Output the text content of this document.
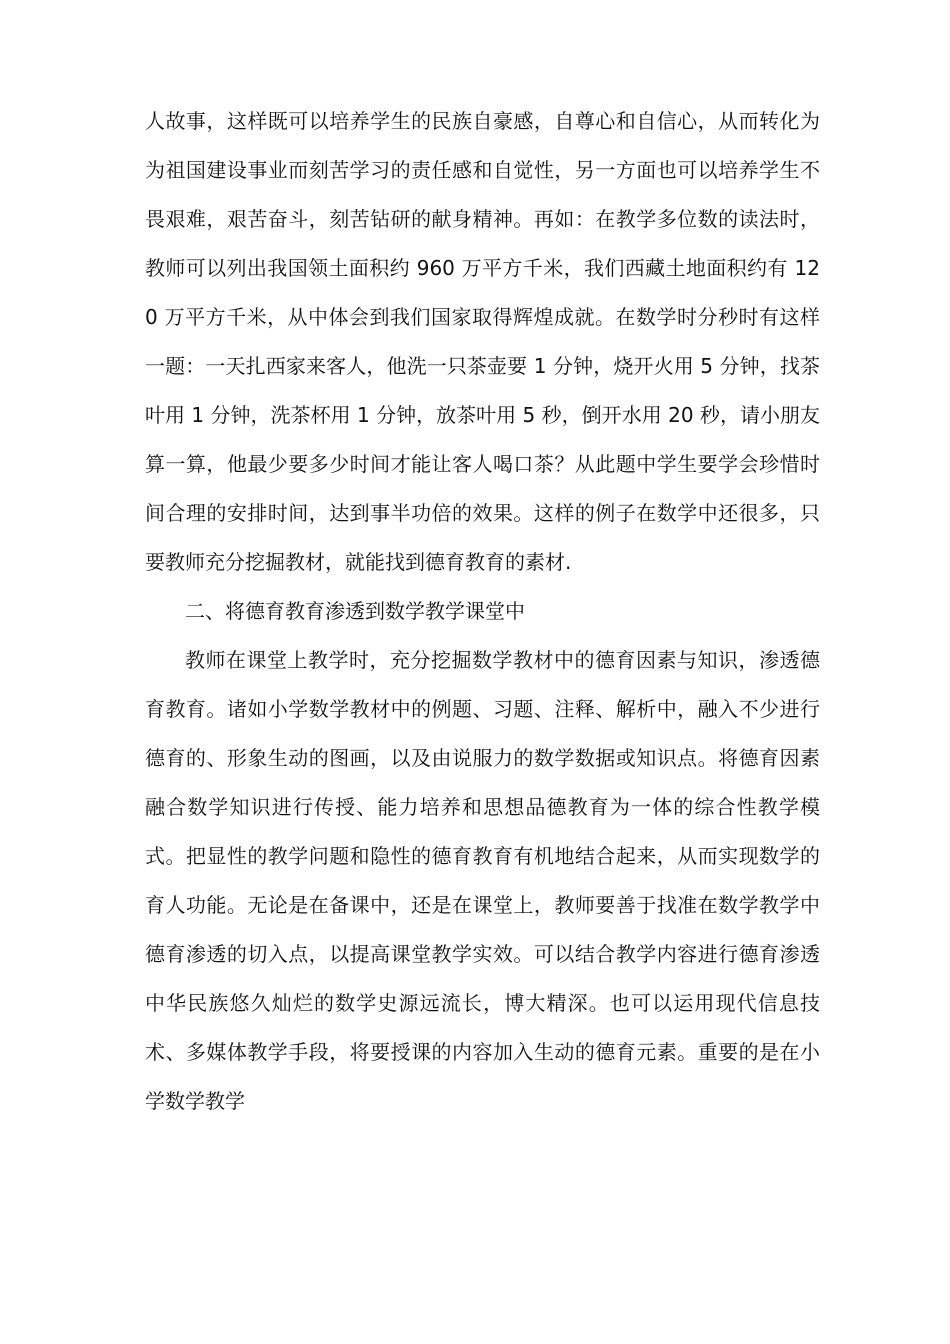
人故事，这样既可以培养学生的民族自豪感，自尊心和自信心，从而转化为为祖国建设事业而刻苦学习的责任感和自觉性，另一方面也可以培养学生不畏艰难，艰苦奋斗，刻苦钻研的献身精神。再如：在教学多位数的读法时，教师可以列出我国领土面积约 960 万平方千米，我们西藏土地面积约有 120 万平方千米，从中体会到我们国家取得辉煌成就。在数学时分秒时有这样一题：一天扎西家来客人，他洗一只茶壶要 1 分钟，烧开火用 5 分钟，找茶叶用 1 分钟，洗茶杯用 1 分钟，放茶叶用 5 秒，倒开水用 20 秒，请小朋友算一算，他最少要多少时间才能让客人喝口茶？从此题中学生要学会珍惜时间合理的安排时间，达到事半功倍的效果。这样的例子在数学中还很多，只要教师充分挖掘教材，就能找到德育教育的素材.

二、将德育教育渗透到数学教学课堂中

教师在课堂上教学时，充分挖掘数学教材中的德育因素与知识，渗透德育教育。诸如小学数学教材中的例题、习题、注释、解析中，融入不少进行德育的、形象生动的图画，以及由说服力的数学数据或知识点。将德育因素融合数学知识进行传授、能力培养和思想品德教育为一体的综合性教学模式。把显性的教学问题和隐性的德育教育有机地结合起来，从而实现数学的育人功能。无论是在备课中，还是在课堂上，教师要善于找准在数学教学中德育渗透的切入点，以提高课堂教学实效。可以结合教学内容进行德育渗透中华民族悠久灿烂的数学史源远流长，博大精深。也可以运用现代信息技术、多媒体教学手段，将要授课的内容加入生动的德育元素。重要的是在小学数学教学
